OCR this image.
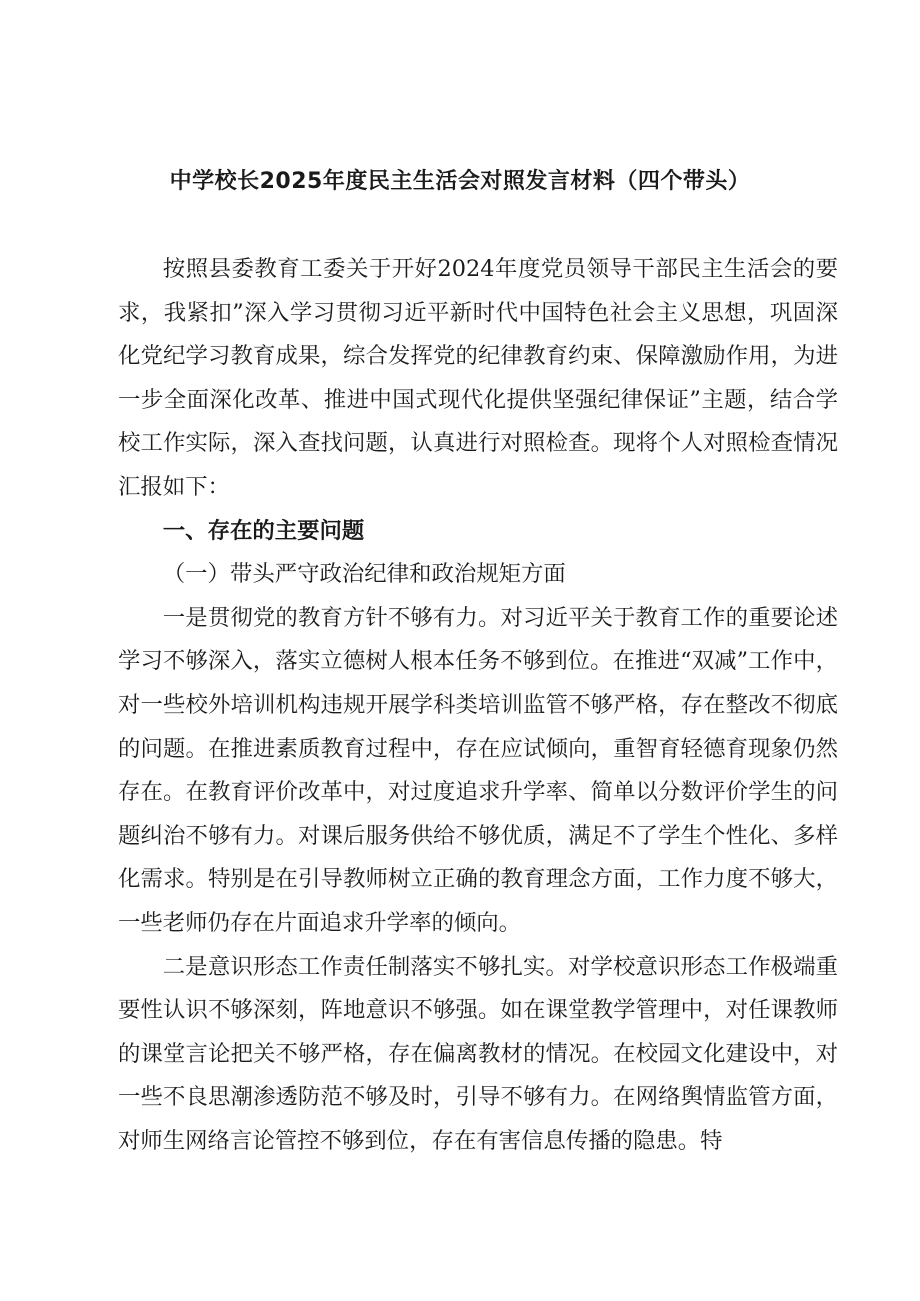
中学校长2025年度民主生活会对照发言材料（四个带头）

按照县委教育工委关于开好2024年度党员领导干部民主生活会的要求，我紧扣”深入学习贯彻习近平新时代中国特色社会主义思想，巩固深化党纪学习教育成果，综合发挥党的纪律教育约束、保障激励作用，为进一步全面深化改革、推进中国式现代化提供坚强纪律保证”主题，结合学校工作实际，深入查找问题，认真进行对照检查。现将个人对照检查情况汇报如下：

一、存在的主要问题

（一）带头严守政治纪律和政治规矩方面

一是贯彻党的教育方针不够有力。对习近平关于教育工作的重要论述学习不够深入，落实立德树人根本任务不够到位。在推进“双减”工作中，对一些校外培训机构违规开展学科类培训监管不够严格，存在整改不彻底的问题。在推进素质教育过程中，存在应试倾向，重智育轻德育现象仍然存在。在教育评价改革中，对过度追求升学率、简单以分数评价学生的问题纠治不够有力。对课后服务供给不够优质，满足不了学生个性化、多样化需求。特别是在引导教师树立正确的教育理念方面，工作力度不够大，一些老师仍存在片面追求升学率的倾向。

二是意识形态工作责任制落实不够扎实。对学校意识形态工作极端重要性认识不够深刻，阵地意识不够强。如在课堂教学管理中，对任课教师的课堂言论把关不够严格，存在偏离教材的情况。在校园文化建设中，对一些不良思潮渗透防范不够及时，引导不够有力。在网络舆情监管方面，对师生网络言论管控不够到位，存在有害信息传播的隐患。特
